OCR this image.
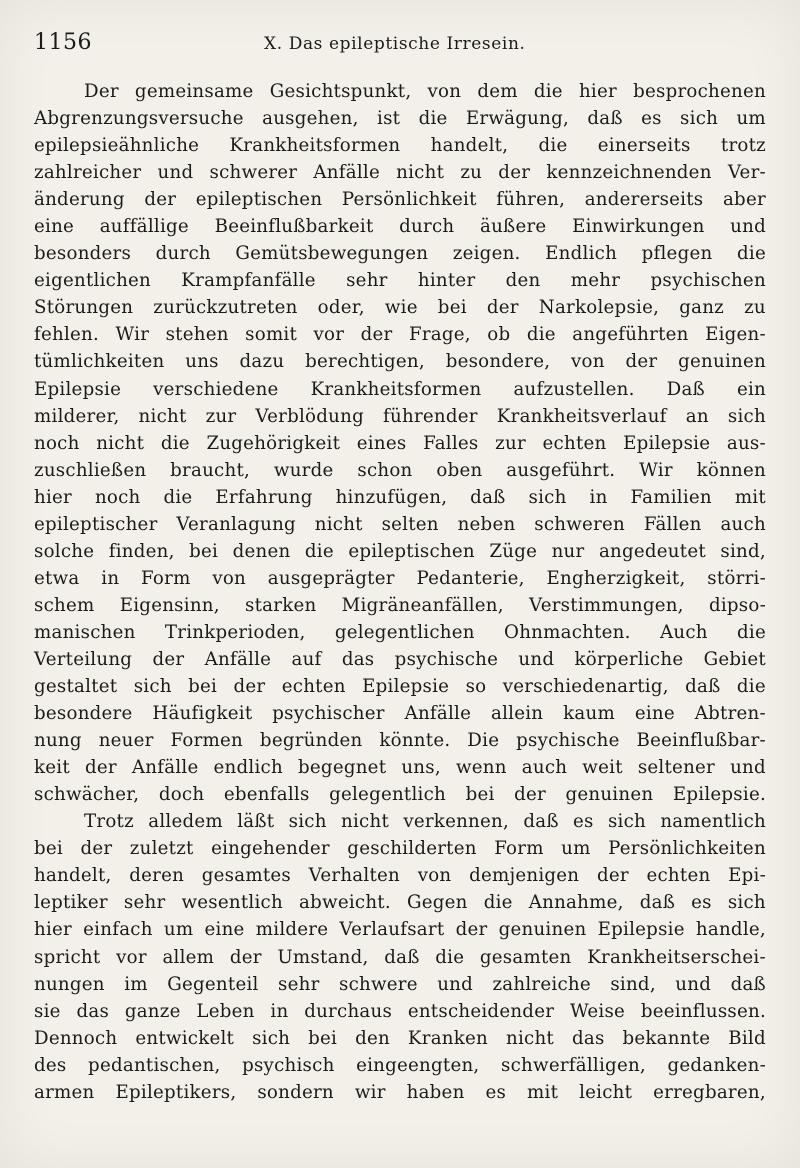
1156	X. Das epileptische Irresein.
Der gemeinsame Gesichtspunkt, von dem die hier besprochenen
Abgrenzungsversuche ausgehen, ist die Erwägung, daß es sich um
epilepsieähnliche Krankheitsformen handelt, die einerseits trotz
zahlreicher und schwerer Anfälle nicht zu der kennzeichnenden Ver-
änderung der epileptischen Persönlichkeit führen, andererseits aber
eine auffällige Beeinflußbarkeit durch äußere Einwirkungen und
besonders durch Gemütsbewegungen zeigen. Endlich pflegen die
eigentlichen Krampfanfälle sehr hinter den mehr psychischen
Störungen zurückzutreten oder, wie bei der Narkolepsie, ganz zu
fehlen. Wir stehen somit vor der Frage, ob die angeführten Eigen-
tümlichkeiten uns dazu berechtigen, besondere, von der genuinen
Epilepsie verschiedene Krankheitsformen aufzustellen. Daß ein
milderer, nicht zur Verblödung führender Krankheitsverlauf an sich
noch nicht die Zugehörigkeit eines Falles zur echten Epilepsie aus-
zuschließen braucht, wurde schon oben ausgeführt. Wir können
hier noch die Erfahrung hinzufügen, daß sich in Familien mit
epileptischer Veranlagung nicht selten neben schweren Fällen auch
solche finden, bei denen die epileptischen Züge nur angedeutet sind,
etwa in Form von ausgeprägter Pedanterie, Engherzigkeit, störri-
schem Eigensinn, starken Migräneanfällen, Verstimmungen, dipso-
manischen Trinkperioden, gelegentlichen Ohnmachten. Auch die
Verteilung der Anfälle auf das psychische und körperliche Gebiet
gestaltet sich bei der echten Epilepsie so verschiedenartig, daß die
besondere Häufigkeit psychischer Anfälle allein kaum eine Abtren-
nung neuer Formen begründen könnte. Die psychische Beeinflußbar-
keit der Anfälle endlich begegnet uns, wenn auch weit seltener und
schwächer, doch ebenfalls gelegentlich bei der genuinen Epilepsie.
Trotz alledem läßt sich nicht verkennen, daß es sich namentlich
bei der zuletzt eingehender geschilderten Form um Persönlichkeiten
handelt, deren gesamtes Verhalten von demjenigen der echten Epi-
leptiker sehr wesentlich abweicht. Gegen die Annahme, daß es sich
hier einfach um eine mildere Verlaufsart der genuinen Epilepsie handle,
spricht vor allem der Umstand, daß die gesamten Krankheitserschei-
nungen im Gegenteil sehr schwere und zahlreiche sind, und daß
sie das ganze Leben in durchaus entscheidender Weise beeinflussen.
Dennoch entwickelt sich bei den Kranken nicht das bekannte Bild
des pedantischen, psychisch eingeengten, schwerfälligen, gedanken-
armen Epileptikers, sondern wir haben es mit leicht erregbaren,
